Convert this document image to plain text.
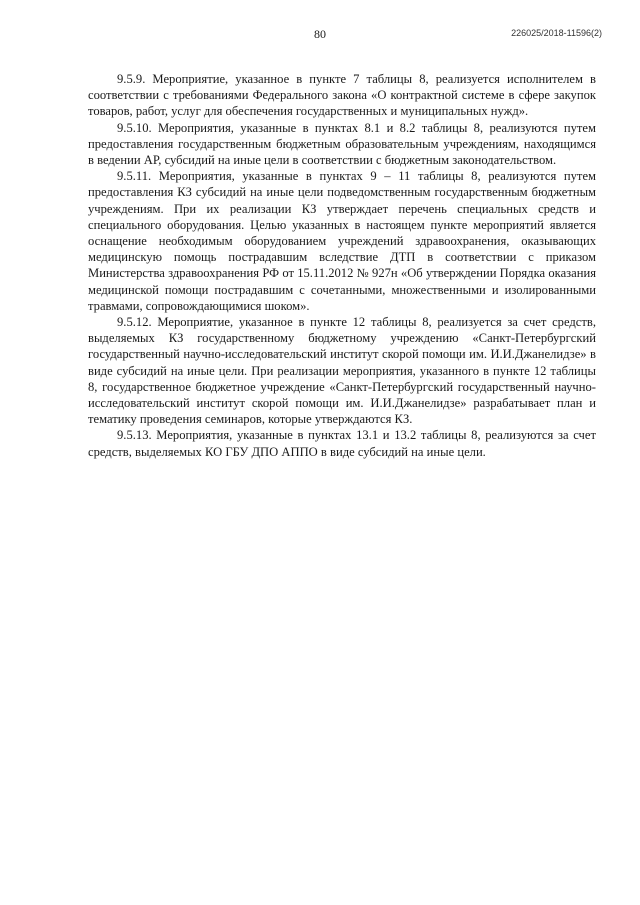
80	226025/2018-11596(2)

9.5.9. Мероприятие, указанное в пункте 7 таблицы 8, реализуется исполнителем в соответствии с требованиями Федерального закона «О контрактной системе в сфере закупок товаров, работ, услуг для обеспечения государственных и муниципальных нужд».

9.5.10. Мероприятия, указанные в пунктах 8.1 и 8.2 таблицы 8, реализуются путем предоставления государственным бюджетным образовательным учреждениям, находящимся в ведении АР, субсидий на иные цели в соответствии с бюджетным законодательством.

9.5.11. Мероприятия, указанные в пунктах 9 – 11 таблицы 8, реализуются путем предоставления КЗ субсидий на иные цели подведомственным государственным бюджетным учреждениям. При их реализации КЗ утверждает перечень специальных средств и специального оборудования. Целью указанных в настоящем пункте мероприятий является оснащение необходимым оборудованием учреждений здравоохранения, оказывающих медицинскую помощь пострадавшим вследствие ДТП в соответствии с приказом Министерства здравоохранения РФ от 15.11.2012 № 927н «Об утверждении Порядка оказания медицинской помощи пострадавшим с сочетанными, множественными и изолированными травмами, сопровождающимися шоком».

9.5.12. Мероприятие, указанное в пункте 12 таблицы 8, реализуется за счет средств, выделяемых КЗ государственному бюджетному учреждению «Санкт-Петербургский государственный научно-исследовательский институт скорой помощи им. И.И.Джанелидзе» в виде субсидий на иные цели. При реализации мероприятия, указанного в пункте 12 таблицы 8, государственное бюджетное учреждение «Санкт-Петербургский государственный научно-исследовательский институт скорой помощи им. И.И.Джанелидзе» разрабатывает план и тематику проведения семинаров, которые утверждаются КЗ.

9.5.13. Мероприятия, указанные в пунктах 13.1 и 13.2 таблицы 8, реализуются за счет средств, выделяемых КО ГБУ ДПО АППО в виде субсидий на иные цели.
